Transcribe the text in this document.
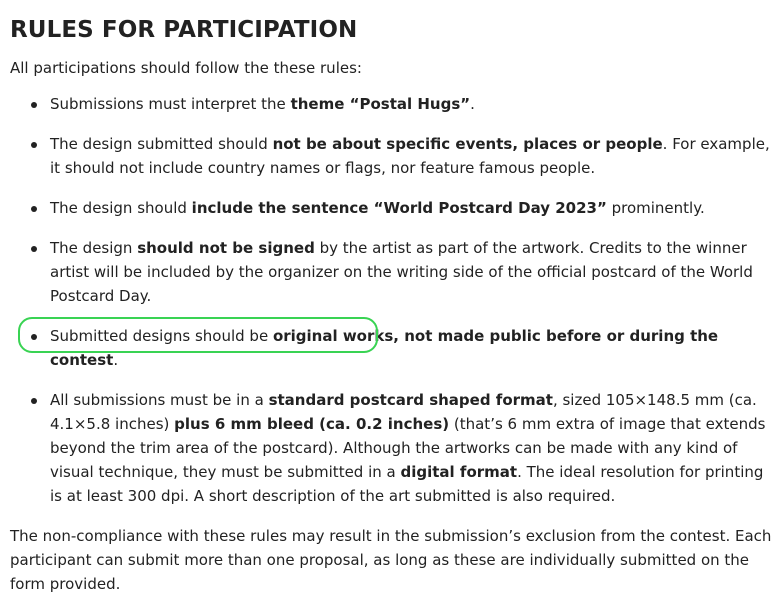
RULES FOR PARTICIPATION

All participations should follow the these rules:

Submissions must interpret the theme “Postal Hugs”.
The design submitted should not be about specific events, places or people. For example, it should not include country names or flags, nor feature famous people.
The design should include the sentence “World Postcard Day 2023” prominently.
The design should not be signed by the artist as part of the artwork. Credits to the winner artist will be included by the organizer on the writing side of the official postcard of the World Postcard Day.
Submitted designs should be original works, not made public before or during the contest.
All submissions must be in a standard postcard shaped format, sized 105×148.5 mm (ca. 4.1×5.8 inches) plus 6 mm bleed (ca. 0.2 inches) (that’s 6 mm extra of image that extends beyond the trim area of the postcard). Although the artworks can be made with any kind of visual technique, they must be submitted in a digital format. The ideal resolution for printing is at least 300 dpi. A short description of the art submitted is also required.

The non-compliance with these rules may result in the submission’s exclusion from the contest. Each participant can submit more than one proposal, as long as these are individually submitted on the form provided.
